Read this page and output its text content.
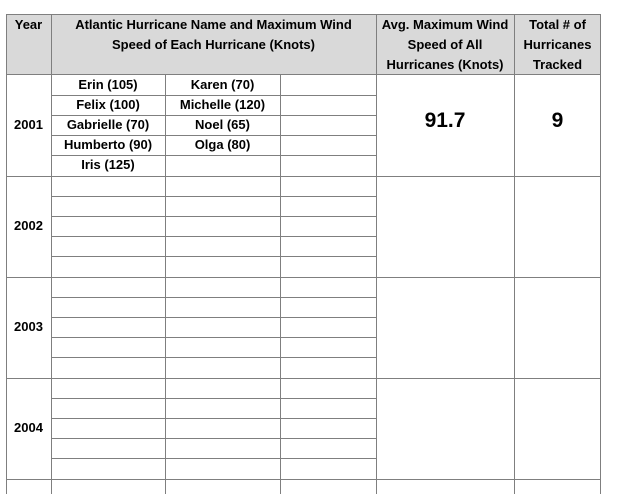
Year	Atlantic Hurricane Name and Maximum Wind Speed of Each Hurricane (Knots)
Avg. Maximum Wind Speed of All Hurricanes (Knots)
Total # of Hurricanes Tracked
2001
2002
2003
2004
Erin (105)
Felix (100)
Gabrielle (70)
Humberto (90)
Iris (125)
Karen (70)
Michelle (120)
Noel (65)
Olga (80)
91.7	9
